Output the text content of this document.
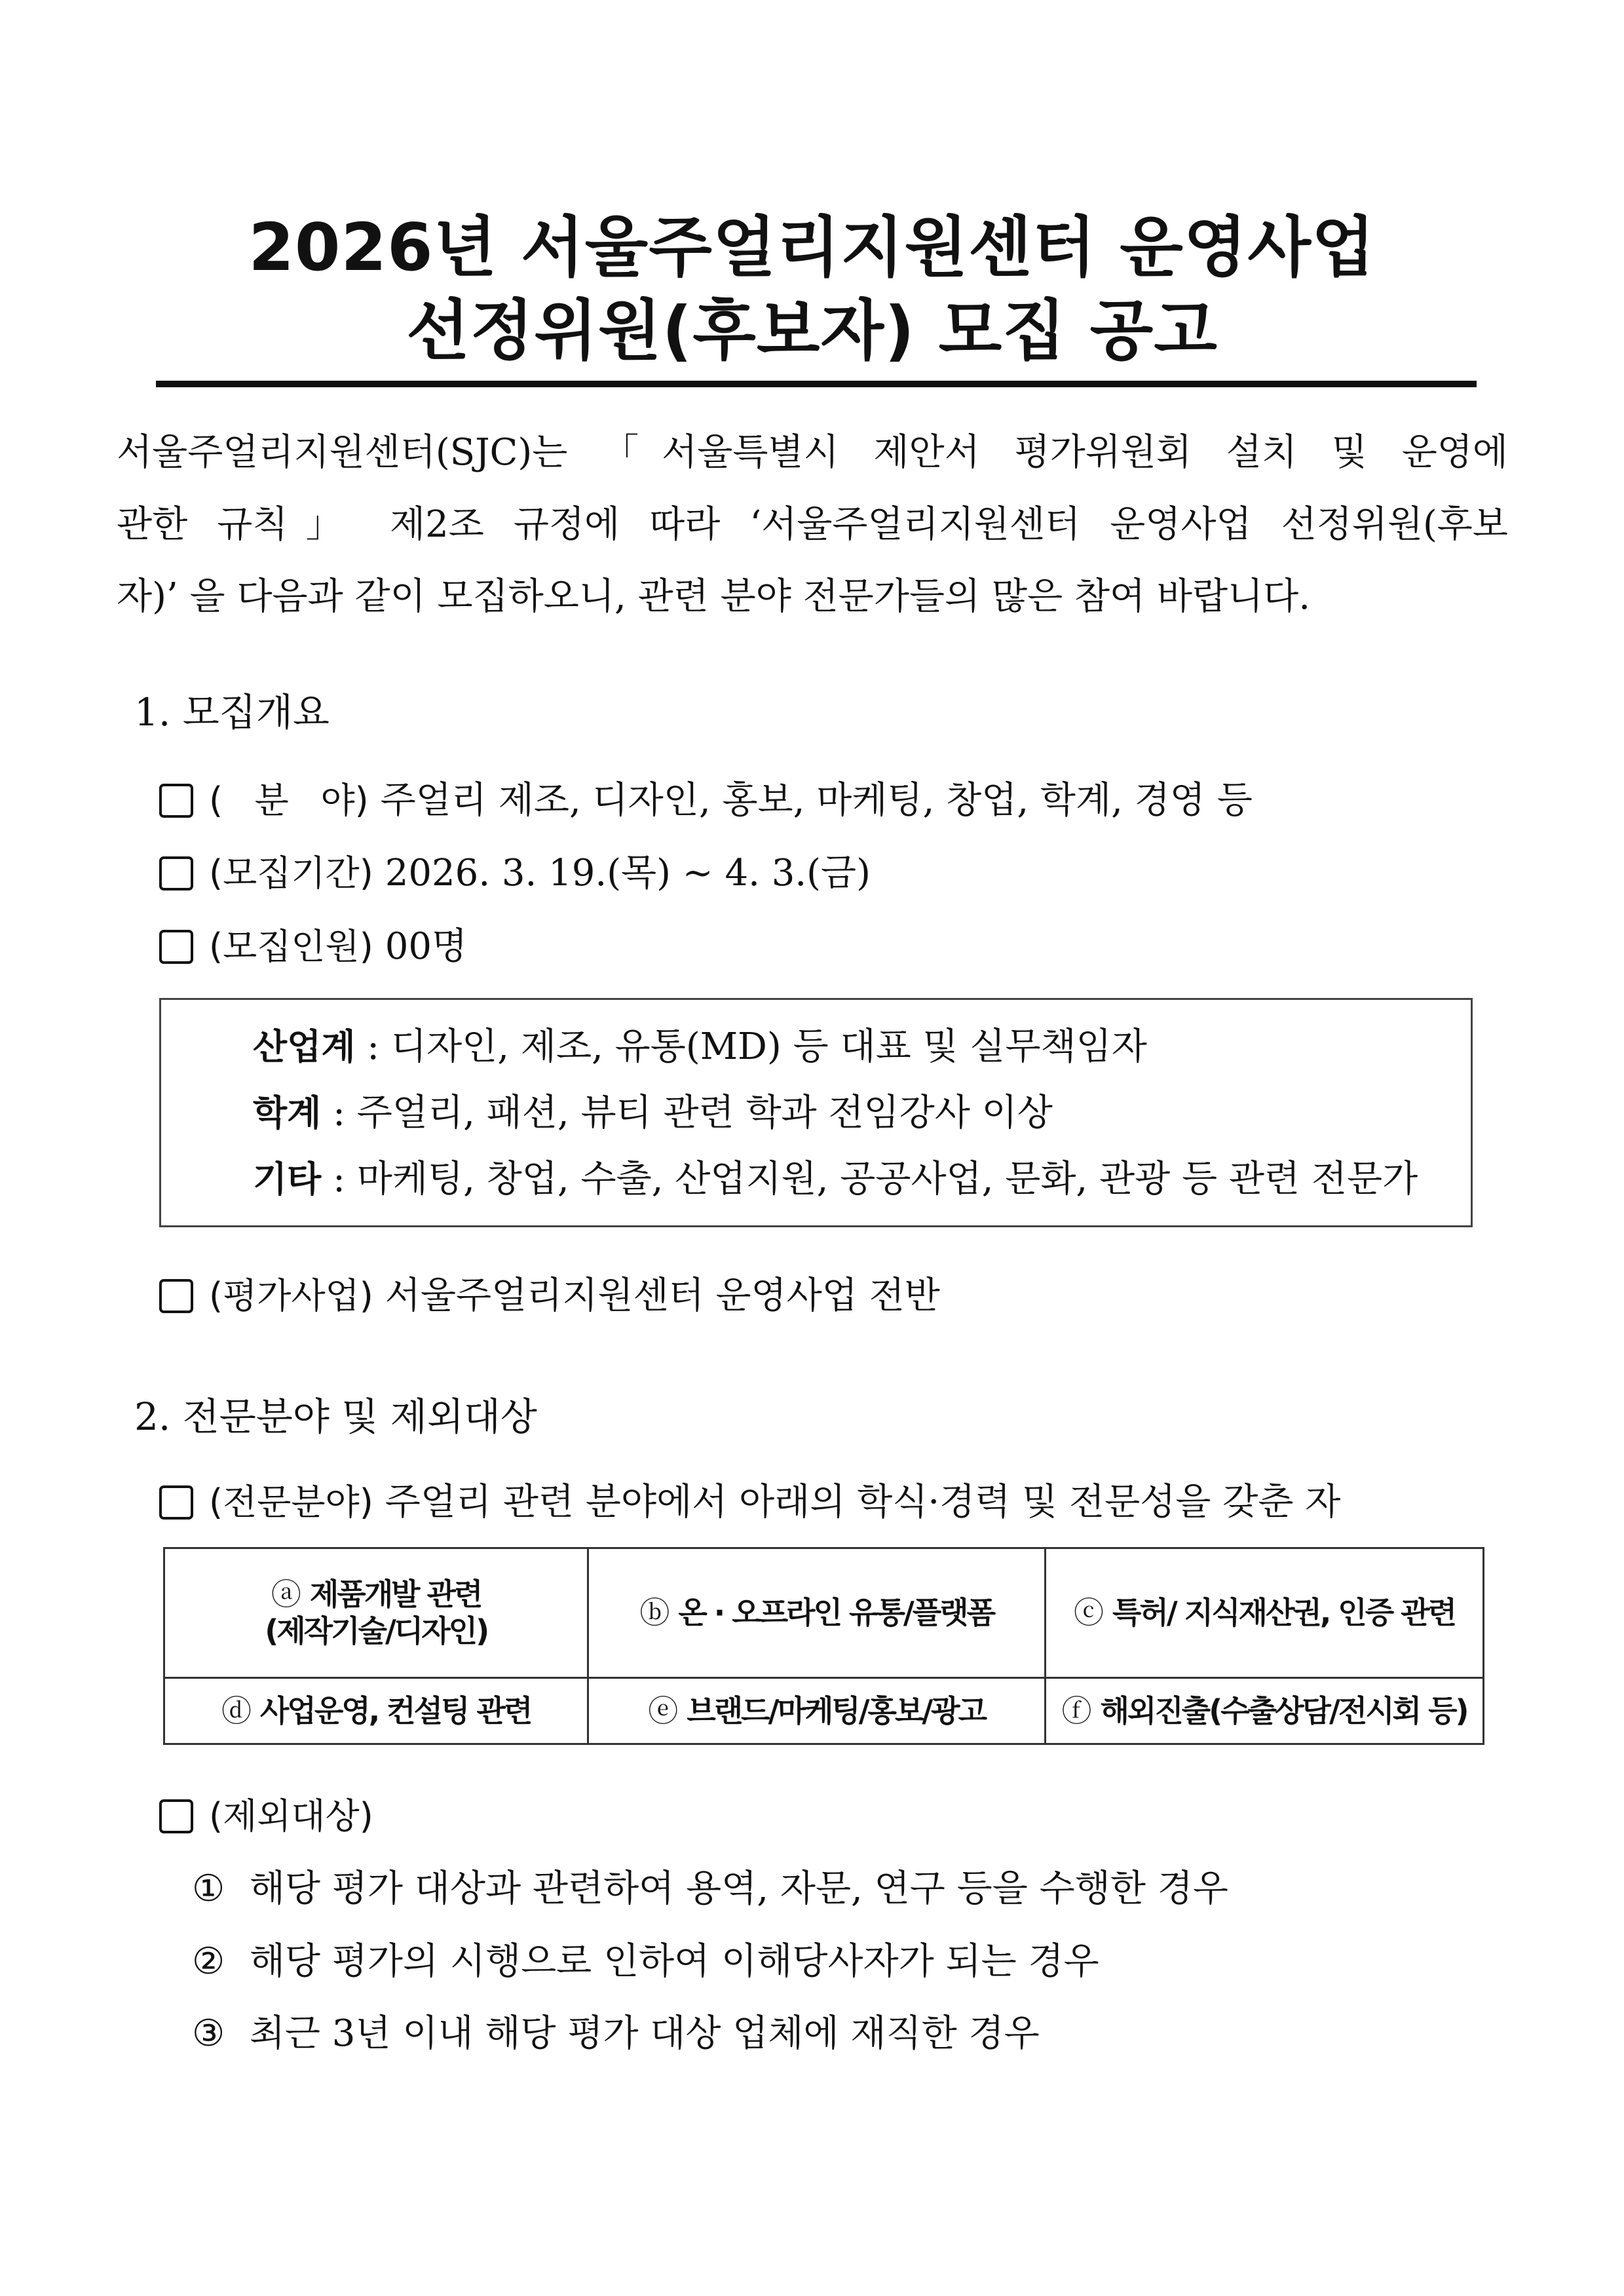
2026년 서울주얼리지원센터 운영사업
선정위원(후보자) 모집 공고
서울주얼리지원센터(SJC)는 「서울특별시 제안서 평가위원회 설치 및 운영에
관한 규칙」 제2조 규정에 따라 ‘서울주얼리지원센터 운영사업 선정위원(후보
자)’ 을 다음과 같이 모집하오니, 관련 분야 전문가들의 많은 참여 바랍니다.
1. 모집개요
(분야) 주얼리 제조, 디자인, 홍보, 마케팅, 창업, 학계, 경영 등
(모집기간) 2026. 3. 19.(목) ~ 4. 3.(금)
(모집인원) 00명
산업계 : 디자인, 제조, 유통(MD) 등 대표 및 실무책임자
학계 : 주얼리, 패션, 뷰티 관련 학과 전임강사 이상
기타 : 마케팅, 창업, 수출, 산업지원, 공공사업, 문화, 관광 등 관련 전문가
(평가사업) 서울주얼리지원센터 운영사업 전반
2. 전문분야 및 제외대상
(전문분야) 주얼리 관련 분야에서 아래의 학식·경력 및 전문성을 갖춘 자
ⓐ 제품개발 관련
(제작기술/디자인)	ⓑ 온 · 오프라인 유통/플랫폼	ⓒ 특허/ 지식재산권, 인증 관련
ⓓ 사업운영, 컨설팅 관련	ⓔ 브랜드/마케팅/홍보/광고	ⓕ 해외진출(수출상담/전시회 등)
(제외대상)
① 해당 평가 대상과 관련하여 용역, 자문, 연구 등을 수행한 경우
② 해당 평가의 시행으로 인하여 이해당사자가 되는 경우
③ 최근 3년 이내 해당 평가 대상 업체에 재직한 경우
